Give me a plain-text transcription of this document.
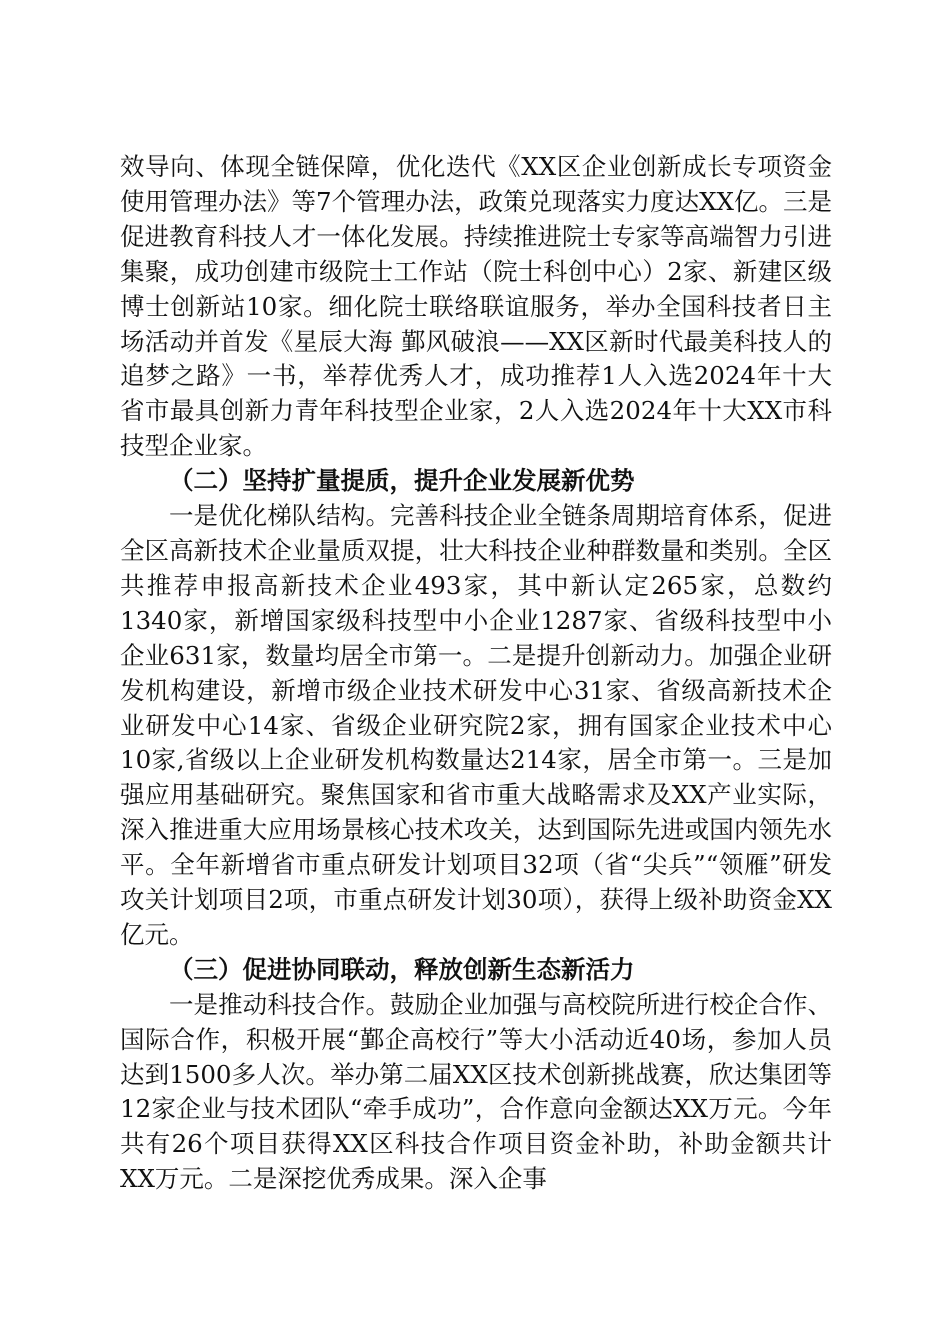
效导向、体现全链保障，优化迭代《XX区企业创新成长专项资金使用管理办法》等7个管理办法，政策兑现落实力度达XX亿。三是促进教育科技人才一体化发展。持续推进院士专家等高端智力引进集聚，成功创建市级院士工作站（院士科创中心）2家、新建区级博士创新站10家。细化院士联络联谊服务，举办全国科技者日主场活动并首发《星辰大海 鄞风破浪——XX区新时代最美科技人的追梦之路》一书，举荐优秀人才，成功推荐1人入选2024年十大省市最具创新力青年科技型企业家，2人入选2024年十大XX市科技型企业家。

（二）坚持扩量提质，提升企业发展新优势

一是优化梯队结构。完善科技企业全链条周期培育体系，促进全区高新技术企业量质双提，壮大科技企业种群数量和类别。全区共推荐申报高新技术企业493家，其中新认定265家，总数约1340家，新增国家级科技型中小企业1287家、省级科技型中小企业631家，数量均居全市第一。二是提升创新动力。加强企业研发机构建设，新增市级企业技术研发中心31家、省级高新技术企业研发中心14家、省级企业研究院2家，拥有国家企业技术中心10家,省级以上企业研发机构数量达214家，居全市第一。三是加强应用基础研究。聚焦国家和省市重大战略需求及XX产业实际，深入推进重大应用场景核心技术攻关，达到国际先进或国内领先水平。全年新增省市重点研发计划项目32项（省“尖兵”“领雁”研发攻关计划项目2项，市重点研发计划30项），获得上级补助资金XX亿元。

（三）促进协同联动，释放创新生态新活力

一是推动科技合作。鼓励企业加强与高校院所进行校企合作、国际合作，积极开展“鄞企高校行”等大小活动近40场，参加人员达到1500多人次。举办第二届XX区技术创新挑战赛，欣达集团等12家企业与技术团队“牵手成功”，合作意向金额达XX万元。今年共有26个项目获得XX区科技合作项目资金补助，补助金额共计XX万元。二是深挖优秀成果。深入企事
